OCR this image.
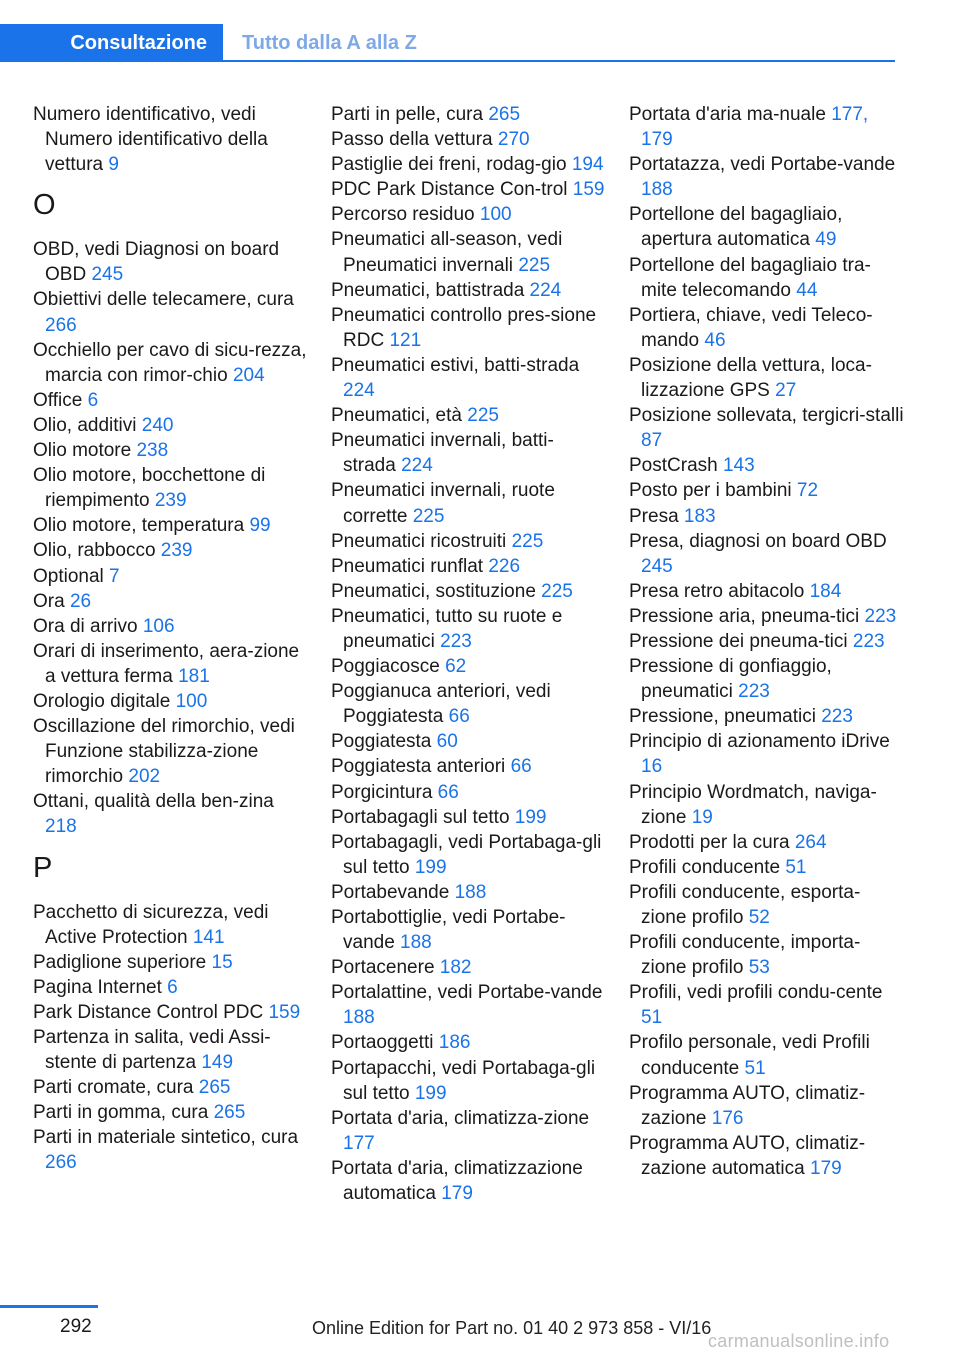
Consultazione	Tutto dalla A alla Z
Numero identificativo, vedi Numero identificativo della vettura 9
O
OBD, vedi Diagnosi on board OBD 245
Obiettivi delle telecamere, cura 266
Occhiello per cavo di sicu-rezza, marcia con rimor-chio 204
Office 6
Olio, additivi 240
Olio motore 238
Olio motore, bocchettone di riempimento 239
Olio motore, temperatura 99
Olio, rabbocco 239
Optional 7
Ora 26
Ora di arrivo 106
Orari di inserimento, aera-zione a vettura ferma 181
Orologio digitale 100
Oscillazione del rimorchio, vedi Funzione stabilizza-zione rimorchio 202
Ottani, qualità della ben-zina 218
P
Pacchetto di sicurezza, vedi Active Protection 141
Padiglione superiore 15
Pagina Internet 6
Park Distance Control PDC 159
Partenza in salita, vedi Assi-stente di partenza 149
Parti cromate, cura 265
Parti in gomma, cura 265
Parti in materiale sintetico, cura 266
Parti in pelle, cura 265
Passo della vettura 270
Pastiglie dei freni, rodag-gio 194
PDC Park Distance Con-trol 159
Percorso residuo 100
Pneumatici all-season, vedi Pneumatici invernali 225
Pneumatici, battistrada 224
Pneumatici controllo pres-sione RDC 121
Pneumatici estivi, batti-strada 224
Pneumatici, età 225
Pneumatici invernali, batti-strada 224
Pneumatici invernali, ruote corrette 225
Pneumatici ricostruiti 225
Pneumatici runflat 226
Pneumatici, sostituzione 225
Pneumatici, tutto su ruote e pneumatici 223
Poggiacosce 62
Poggianuca anteriori, vedi Poggiatesta 66
Poggiatesta 60
Poggiatesta anteriori 66
Porgicintura 66
Portabagagli sul tetto 199
Portabagagli, vedi Portabaga-gli sul tetto 199
Portabevande 188
Portabottiglie, vedi Portabe-vande 188
Portacenere 182
Portalattine, vedi Portabe-vande 188
Portaoggetti 186
Portapacchi, vedi Portabaga-gli sul tetto 199
Portata d'aria, climatizza-zione 177
Portata d'aria, climatizzazione automatica 179
Portata d'aria ma-nuale 177, 179
Portatazza, vedi Portabe-vande 188
Portellone del bagagliaio, apertura automatica 49
Portellone del bagagliaio tra-mite telecomando 44
Portiera, chiave, vedi Teleco-mando 46
Posizione della vettura, loca-lizzazione GPS 27
Posizione sollevata, tergicri-stalli 87
PostCrash 143
Posto per i bambini 72
Presa 183
Presa, diagnosi on board OBD 245
Presa retro abitacolo 184
Pressione aria, pneuma-tici 223
Pressione dei pneuma-tici 223
Pressione di gonfiaggio, pneumatici 223
Pressione, pneumatici 223
Principio di azionamento iDrive 16
Principio Wordmatch, naviga-zione 19
Prodotti per la cura 264
Profili conducente 51
Profili conducente, esporta-zione profilo 52
Profili conducente, importa-zione profilo 53
Profili, vedi profili condu-cente 51
Profilo personale, vedi Profili conducente 51
Programma AUTO, climatiz-zazione 176
Programma AUTO, climatiz-zazione automatica 179
292	Online Edition for Part no. 01 40 2 973 858 - VI/16
carmanualsonline.info
